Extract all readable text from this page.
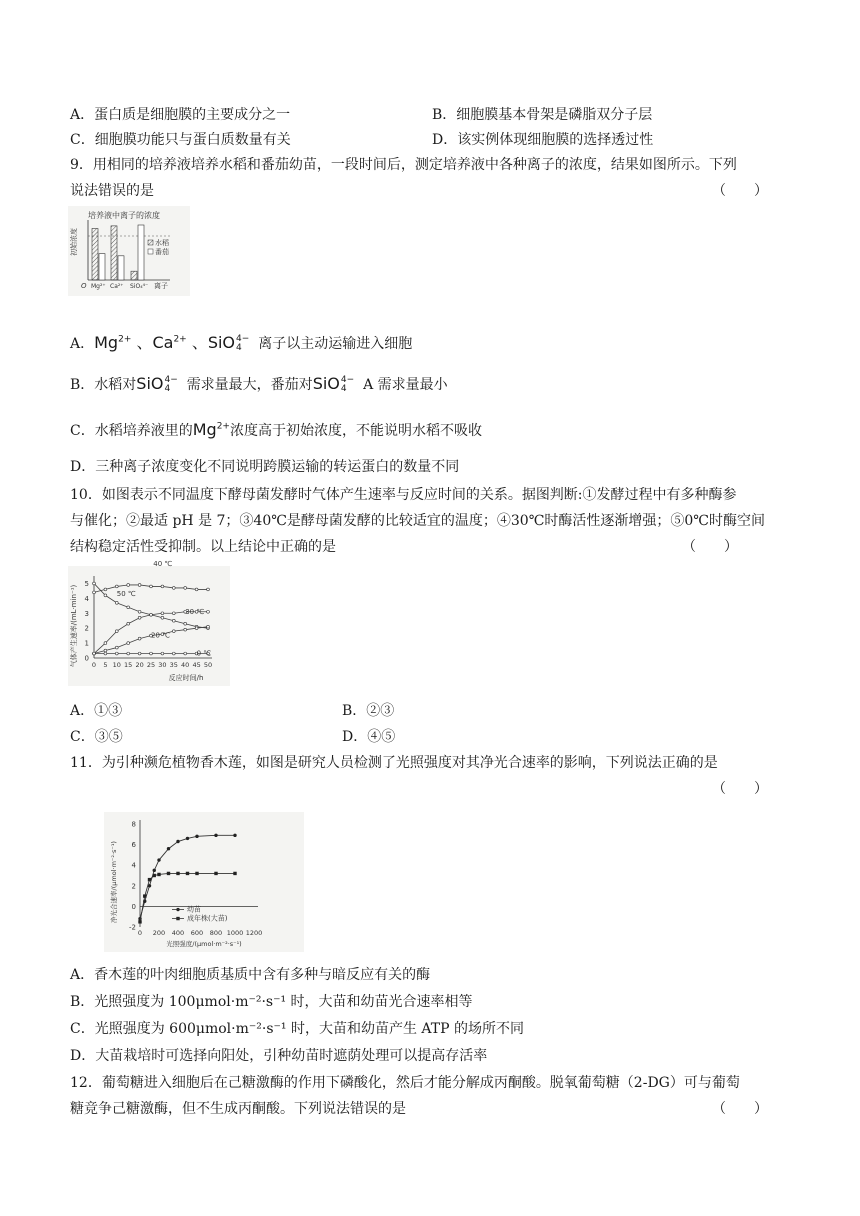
A．蛋白质是细胞膜的主要成分之一	B．细胞膜基本骨架是磷脂双分子层
C．细胞膜功能只与蛋白质数量有关	D．该实例体现细胞膜的选择透过性
9．用相同的培养液培养水稻和番茄幼苗，一段时间后，测定培养液中各种离子的浓度，结果如图所示。下列
说法错误的是	（　　）
培养液中离子的浓度
初始浓度	水稻
番茄
O Mg²⁺ Ca²⁺ SiO₄⁴⁻ 离子
A．$Mg^{2+}$ 、$Ca^{2+}$ 、SiO4−
4 离子以主动运输进入细胞
B．水稻对SiO4−
4 需求量最大，番茄对SiO4−
4 A 需求量最小
C．水稻培养液里的$Mg^{2+}$浓度高于初始浓度，不能说明水稻不吸收
D．三种离子浓度变化不同说明跨膜运输的转运蛋白的数量不同
10．如图表示不同温度下酵母菌发酵时气体产生速率与反应时间的关系。据图判断:①发酵过程中有多种酶参
与催化；②最适 pH 是 7；③40℃是酵母菌发酵的比较适宜的温度；④30℃时酶活性逐渐增强；⑤0℃时酶空间
结构稳定活性受抑制。以上结论中正确的是	（　　）
气体产生速率/(mL·min⁻¹)
反应时间/h
0
1
2
3
4
5
0 5 10 15 20 25 30 35 40 45 50
40 ℃
50 ℃
30 ℃
20 ℃
0 ℃
A．①③	B．②③
C．③⑤	D．④⑤
11．为引种濒危植物香木莲，如图是研究人员检测了光照强度对其净光合速率的影响，下列说法正确的是
（　　）
净光合速率/(μmol·m⁻²·s⁻¹)
光照强度/(μmol·m⁻²·s⁻¹)
-2
0
2
4
6
8
0 200 400 600 800 1000 1200
幼苗
成年株(大苗)
A．香木莲的叶肉细胞质基质中含有多种与暗反应有关的酶
B．光照强度为 100μmol·m⁻²·s⁻¹ 时，大苗和幼苗光合速率相等
C．光照强度为 600μmol·m⁻²·s⁻¹ 时，大苗和幼苗产生 ATP 的场所不同
D．大苗栽培时可选择向阳处，引种幼苗时遮荫处理可以提高存活率
12．葡萄糖进入细胞后在己糖激酶的作用下磷酸化，然后才能分解成丙酮酸。脱氧葡萄糖（2-DG）可与葡萄
糖竞争己糖激酶，但不生成丙酮酸。下列说法错误的是	（　　）
